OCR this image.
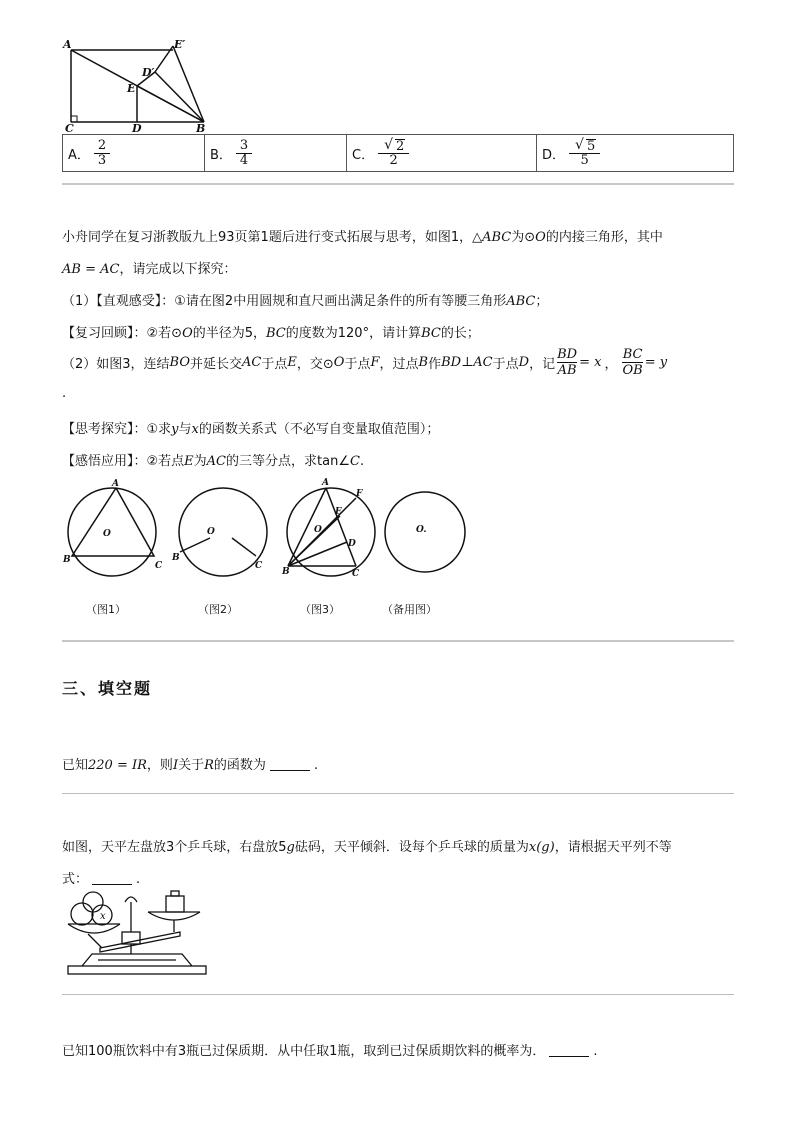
A	E′
D′
E
C	D	B
A． $\frac{2}{3}$	B． $\frac{3}{4}$	C． $\frac{√ 2}{2}$	D． $\frac{√ 5}{5}$
小舟同学在复习浙教版九上93页第1题后进行变式拓展与思考，如图1，△ABC为⊙O的内接三角形，其中
AB = AC，请完成以下探究：
（1）【直观感受】：①请在图2中用圆规和直尺画出满足条件的所有等腰三角形ABC；
【复习回顾】：②若⊙O的半径为5，BC的度数为120°，请计算BC的长；
（2）如图3，连结 BO 并延长交 AC 于点 E ，交⊙ O 于点 F ，过点 B 作 BD⊥AC 于点 D ，记
BD
AB
= x ，
BC
OB
= y
.
【思考探究】：①求y与x的函数关系式（不必写自变量取值范围）；
【感悟应用】：②若点E为AC的三等分点，求tan∠C.
A
O
B
C
O
B
C
A
F
E
O
D
B	C
O.
（图1）	（图2）	（图3）	（备用图）
三、填空题
已知220 = IR，则I关于R的函数为	.
如图，天平左盘放3个乒乓球，右盘放5g砝码，天平倾斜．设每个乒乓球的质量为x(g)，请根据天平列不等
式：	.
x
已知100瓶饮料中有3瓶已过保质期．从中任取1瓶，取到已过保质期饮料的概率为．	.
